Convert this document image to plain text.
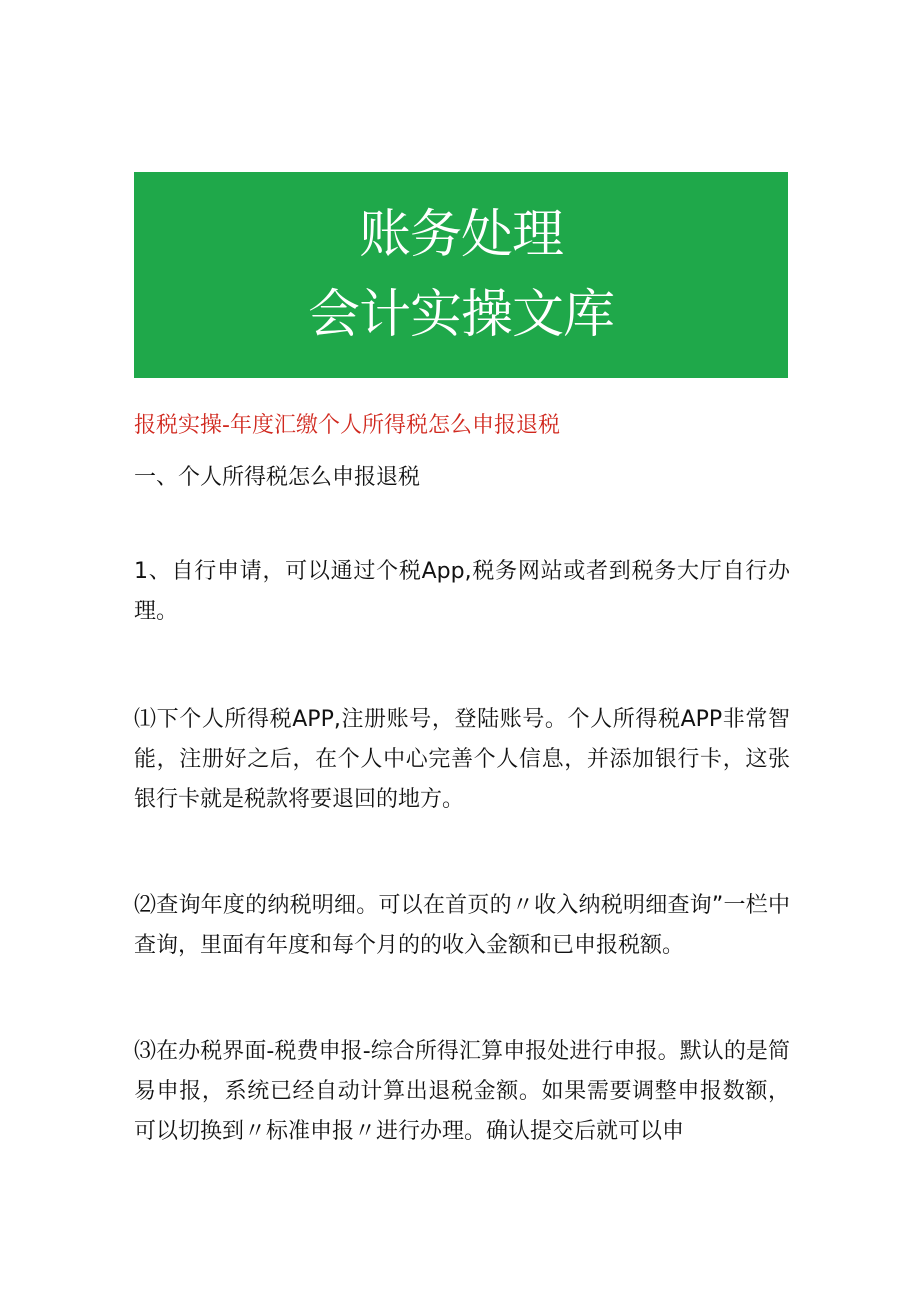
账务处理
会计实操文库
报税实操-年度汇缴个人所得税怎么申报退税
一、个人所得税怎么申报退税

1、自行申请，可以通过个税App,税务网站或者到税务大厅自行办理。

⑴下个人所得税APP,注册账号，登陆账号。个人所得税APP非常智能，注册好之后，在个人中心完善个人信息，并添加银行卡，这张银行卡就是税款将要退回的地方。

⑵查询年度的纳税明细。可以在首页的〃收入纳税明细查询”一栏中查询，里面有年度和每个月的的收入金额和已申报税额。

⑶在办税界面-税费申报-综合所得汇算申报处进行申报。默认的是简易申报，系统已经自动计算出退税金额。如果需要调整申报数额，可以切换到〃标准申报〃进行办理。确认提交后就可以申
